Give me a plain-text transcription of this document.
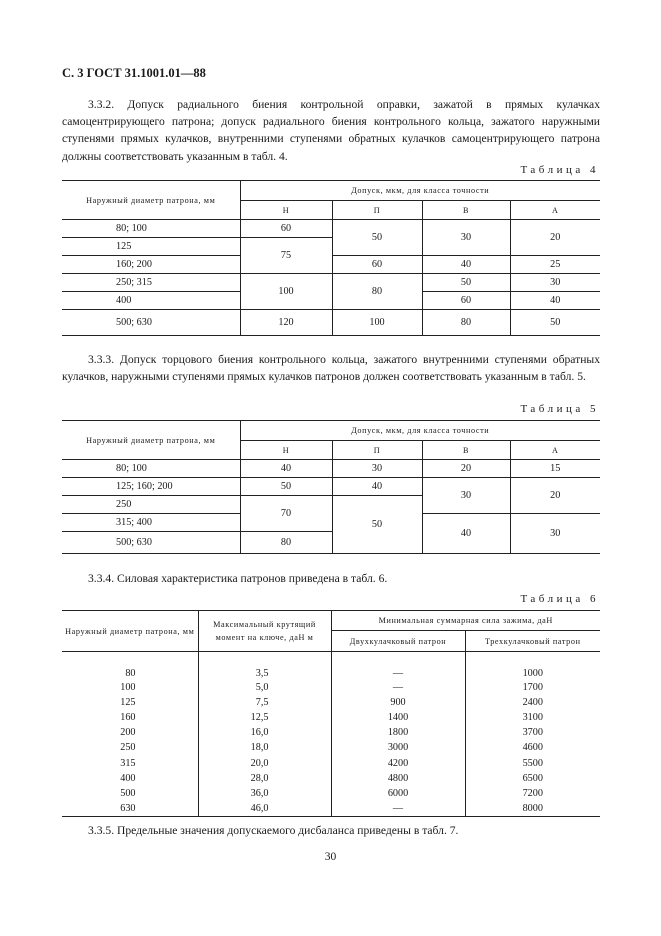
С. 3 ГОСТ 31.1001.01—88
3.3.2. Допуск радиального биения контрольной оправки, зажатой в прямых кулачках самоцентрирующего патрона; допуск радиального биения контрольного кольца, зажатого наружными ступенями прямых кулачков, внутренними ступенями обратных кулачков самоцентрирующего патрона должны соответствовать указанным в табл. 4.
Таблица 4
Наружный диаметр патрона, мм	Допуск, мкм, для класса точности			
	Н	П	В	А
80; 100	60	50	30	20
125	75			
160; 200		60	40	25
250; 315	100	80	50	30
400			60	40
500; 630	120	100	80	50
3.3.3. Допуск торцового биения контрольного кольца, зажатого внутренними ступенями обратных кулачков, наружными ступенями прямых кулачков патронов должен соответствовать указанным в табл. 5.
Таблица 5
Наружный диаметр патрона, мм	Допуск, мкм, для класса точности			
	Н	П	В	А
80; 100	40	30	20	15
125; 160; 200	50	40	30	20
250	70	50		
315; 400			40	30
500; 630	80			
3.3.4. Силовая характеристика патронов приведена в табл. 6.
Таблица 6
Наружный диаметр патрона, мм	Максимальный крутящий момент на ключе, даН м	Минимальная суммарная сила зажима, даН	
		Двухкулачковый патрон	Трехкулачковый патрон
80	3,5	—	1000
100	5,0	—	1700
125	7,5	900	2400
160	12,5	1400	3100
200	16,0	1800	3700
250	18,0	3000	4600
315	20,0	4200	5500
400	28,0	4800	6500
500	36,0	6000	7200
630	46,0	—	8000
3.3.5. Предельные значения допускаемого дисбаланса приведены в табл. 7.
30
